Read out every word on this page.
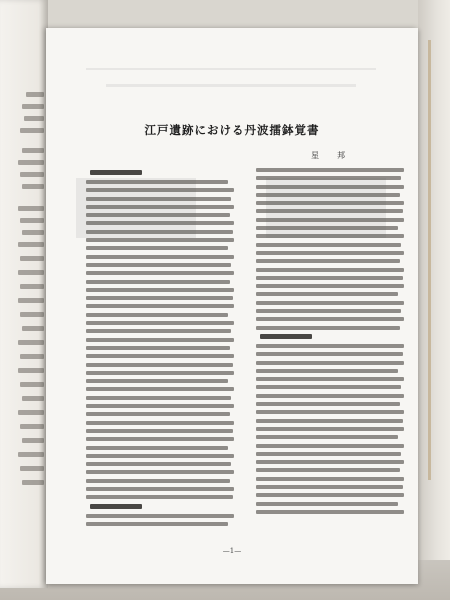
江戸遺跡における丹波擂鉢覚書
星　邦
—1—
